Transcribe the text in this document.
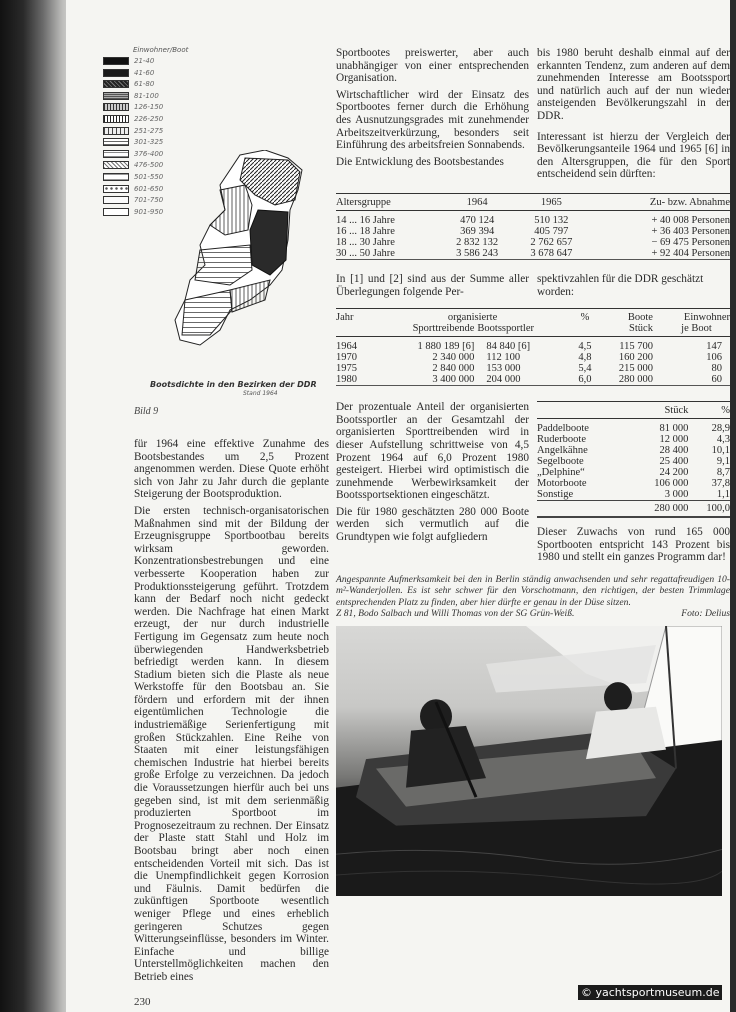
Einwohner/Boot
21-40
41-60
61-80
81-100
126-150
226-250
251-275
301-325
376-400
476-500
501-550
601-650
701-750
901-950
Bootsdichte in den Bezirken der DDR
Stand 1964
Bild 9

für 1964 eine effektive Zunahme des Bootsbestandes um 2,5 Prozent angenommen werden. Diese Quote erhöht sich von Jahr zu Jahr durch die geplante Steigerung der Bootsproduktion.

Die ersten technisch-organisatorischen Maßnahmen sind mit der Bildung der Erzeugnisgruppe Sportbootbau bereits wirksam geworden. Konzentrationsbestrebungen und eine verbesserte Kooperation haben zur Produktionssteigerung geführt. Trotzdem kann der Bedarf noch nicht gedeckt werden. Die Nachfrage hat einen Markt erzeugt, der nur durch industrielle Fertigung im Gegensatz zum heute noch überwiegenden Handwerksbetrieb befriedigt werden kann. In diesem Stadium bieten sich die Plaste als neue Werkstoffe für den Bootsbau an. Sie fördern und erfordern mit der ihnen eigentümlichen Technologie die industriemäßige Serienfertigung mit großen Stückzahlen. Eine Reihe von Staaten mit einer leistungsfähigen chemischen Industrie hat hierbei bereits große Erfolge zu verzeichnen. Da jedoch die Voraussetzungen hierfür auch bei uns gegeben sind, ist mit dem serienmäßig produzierten Sportboot im Prognosezeitraum zu rechnen. Der Einsatz der Plaste statt Stahl und Holz im Bootsbau bringt aber noch einen entscheidenden Vorteil mit sich. Das ist die Unempfindlichkeit gegen Korrosion und Fäulnis. Damit bedürfen die zukünftigen Sportboote wesentlich weniger Pflege und eines erheblich geringeren Schutzes gegen Witterungseinflüsse, besonders im Winter. Einfache und billige Unterstellmöglichkeiten machen den Betrieb eines

230

Sportbootes preiswerter, aber auch unabhängiger von einer entsprechenden Organisation.

Wirtschaftlicher wird der Einsatz des Sportbootes ferner durch die Erhöhung des Ausnutzungsgrades mit zunehmender Arbeitszeitverkürzung, besonders seit Einführung des arbeitsfreien Sonnabends.

Die Entwicklung des Bootsbestandes

bis 1980 beruht deshalb einmal auf der erkannten Tendenz, zum anderen auf dem zunehmenden Interesse am Bootssport und natürlich auch auf der nun wieder ansteigenden Bevölkerungszahl in der DDR.

Interessant ist hierzu der Vergleich der Bevölkerungsanteile 1964 und 1965 [6] in den Altersgruppen, die für den Sport entscheidend sein dürften:

Altersgruppe	1964	1965	Zu- bzw. Abnahme
14 ... 16 Jahre	470 124	510 132	+ 40 008 Personen
16 ... 18 Jahre	369 394	405 797	+ 36 403 Personen
18 ... 30 Jahre	2 832 132	2 762 657	− 69 475 Personen
30 ... 50 Jahre	3 586 243	3 678 647	+ 92 404 Personen

In [1] und [2] sind aus der Summe aller Überlegungen folgende Per-
spektivzahlen für die DDR geschätzt worden:
Jahr	organisierte		%	Boote	Einwohner
	Sporttreibende	Bootssportler		Stück	je Boot
1964	1 880 189 [6]	84 840 [6]	4,5	115 700	147
1970	2 340 000	112 100	4,8	160 200	106
1975	2 840 000	153 000	5,4	215 000	80
1980	3 400 000	204 000	6,0	280 000	60

Der prozentuale Anteil der organisierten Bootssportler an der Gesamtzahl der organisierten Sporttreibenden wird in dieser Aufstellung schrittweise von 4,5 Prozent 1964 auf 6,0 Prozent 1980 gesteigert. Hierbei wird optimistisch die zunehmende Werbewirksamkeit der Bootssportsektionen eingeschätzt.

Die für 1980 geschätzten 280 000 Boote werden sich vermutlich auf die Grundtypen wie folgt aufgliedern

	Stück	%
Paddelboote	81 000	28,9
Ruderboote	12 000	4,3
Angelkähne	28 400	10,1
Segelboote	25 400	9,1
„Delphine“	24 200	8,7
Motorboote	106 000	37,8
Sonstige	3 000	1,1
	280 000	100,0
Dieser Zuwachs von rund 165 000 Sportbooten entspricht 143 Prozent bis 1980 und stellt ein ganzes Programm dar!
Angespannte Aufmerksamkeit bei den in Berlin ständig anwachsenden und sehr regattafreudigen 10-m²-Wanderjollen. Es ist sehr schwer für den Vorschotmann, den richtigen, der besten Trimmlage entsprechenden Platz zu finden, aber hier dürfte er genau in der Düse sitzen.
Z 81, Bodo Salbach und Willi Thomas von der SG Grün-Weiß.	Foto: Delius
© yachtsportmuseum.de
